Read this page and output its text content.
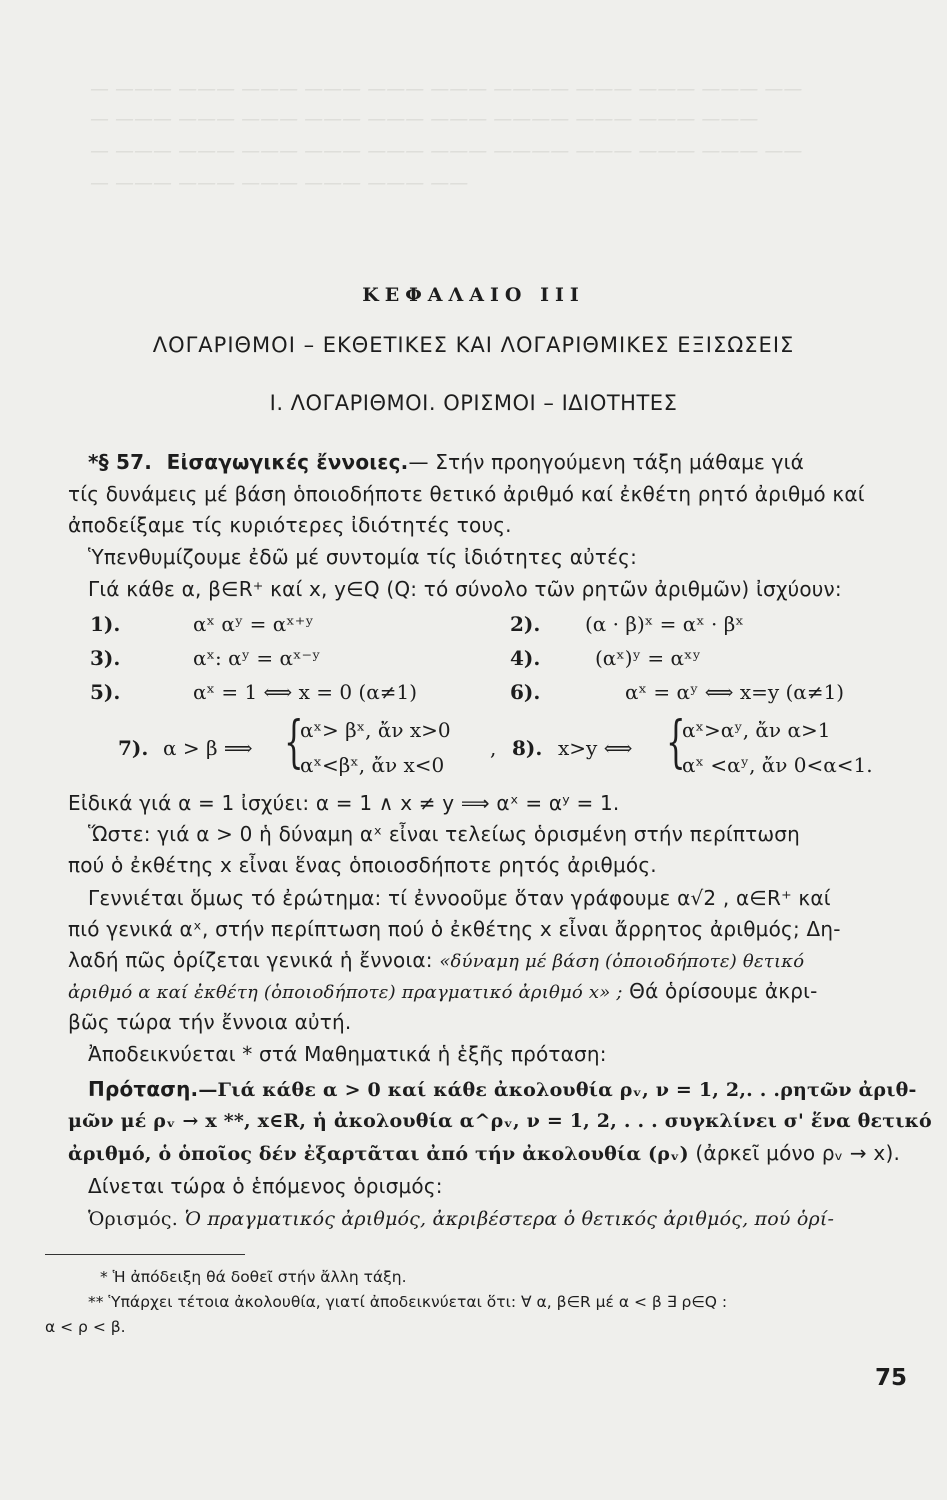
— ——— ——— ——— ——— ——— ——— ———— ——— ——— ——— ——
— ——— ——— ——— ——— ——— ——— ———— ——— ——— ———
— ——— ——— ——— ——— ——— ——— ———— ——— ——— ——— ——
— ——— ——— ——— ——— ——— ——
ΚΕΦΑΛΑΙΟ III
ΛΟΓΑΡΙΘΜΟΙ – ΕΚΘΕΤΙΚΕΣ ΚΑΙ ΛΟΓΑΡΙΘΜΙΚΕΣ ΕΞΙΣΩΣΕΙΣ
Ι. ΛΟΓΑΡΙΘΜΟΙ. ΟΡΙΣΜΟΙ – ΙΔΙΟΤΗΤΕΣ
*§ 57. Εἰσαγωγικές ἔννοιες.— Στήν προηγούμενη τάξη μάθαμε γιά
τίς δυνάμεις μέ βάση ὁποιοδήποτε θετικό ἀριθμό καί ἐκθέτη ρητό ἀριθμό καί
ἀποδείξαμε τίς κυριότερες ἰδιότητές τους.
Ὑπενθυμίζουμε ἐδῶ μέ συντομία τίς ἰδιότητες αὐτές:
Γιά κάθε α, β∈R⁺ καί x, y∈Q (Q: τό σύνολο τῶν ρητῶν ἀριθμῶν) ἰσχύουν:
1).	αˣ αʸ = αˣ⁺ʸ	2). (α · β)ˣ = αˣ · βˣ
3).	αˣ: αʸ = αˣ⁻ʸ	4).	(αˣ)ʸ = αˣʸ
5).	αˣ = 1 ⟺ x = 0 (α≠1)	6).	αˣ = αʸ ⟺ x=y (α≠1)
7). α > β ⟹ {
αˣ> βˣ, ἄν x>0
αˣ<βˣ, ἄν x<0
, 8). x>y ⟺ {
αˣ>αʸ, ἄν α>1
αˣ <αʸ, ἄν 0<α<1.
Εἰδικά γιά α = 1 ἰσχύει: α = 1 ∧ x ≠ y ⟹ αˣ = αʸ = 1.
Ὥστε: γιά α > 0 ἡ δύναμη αˣ εἶναι τελείως ὁρισμένη στήν περίπτωση
πού ὁ ἐκθέτης x εἶναι ἕνας ὁποιοσδήποτε ρητός ἀριθμός.
Γεννιέται ὅμως τό ἐρώτημα: τί ἐννοοῦμε ὅταν γράφουμε α√2 , α∈R⁺ καί
πιό γενικά αˣ, στήν περίπτωση πού ὁ ἐκθέτης x εἶναι ἄρρητος ἀριθμός; Δη-
λαδή πῶς ὁρίζεται γενικά ἡ ἔννοια: «δύναμη μέ βάση (ὁποιοδήποτε) θετικό
ἀριθμό α καί ἐκθέτη (ὁποιοδήποτε) πραγματικό ἀριθμό x» ; Θά ὁρίσουμε ἀκρι-
βῶς τώρα τήν ἔννοια αὐτή.
Ἀποδεικνύεται * στά Μαθηματικά ἡ ἑξῆς πρόταση:
Πρόταση.—Γιά κάθε α > 0 καί κάθε ἀκολουθία ρᵥ, ν = 1, 2,. . .ρητῶν ἀριθ-
μῶν μέ ρᵥ → x **, x∈R, ἡ ἀκολουθία α^ρᵥ, ν = 1, 2, . . . συγκλίνει σ' ἕνα θετικό
ἀριθμό, ὁ ὁποῖος δέν ἐξαρτᾶται ἀπό τήν ἀκολουθία (ρᵥ) (ἀρκεῖ μόνο ρᵥ → x).
Δίνεται τώρα ὁ ἑπόμενος ὁρισμός:
Ὁρισμός. Ὁ πραγματικός ἀριθμός, ἀκριβέστερα ὁ θετικός ἀριθμός, πού ὁρί-
* Ἡ ἀπόδειξη θά δοθεῖ στήν ἄλλη τάξη.
** Ὑπάρχει τέτοια ἀκολουθία, γιατί ἀποδεικνύεται ὅτι: ∀ α, β∈R μέ α < β ∃ ρ∈Q :
α < ρ < β.
75
